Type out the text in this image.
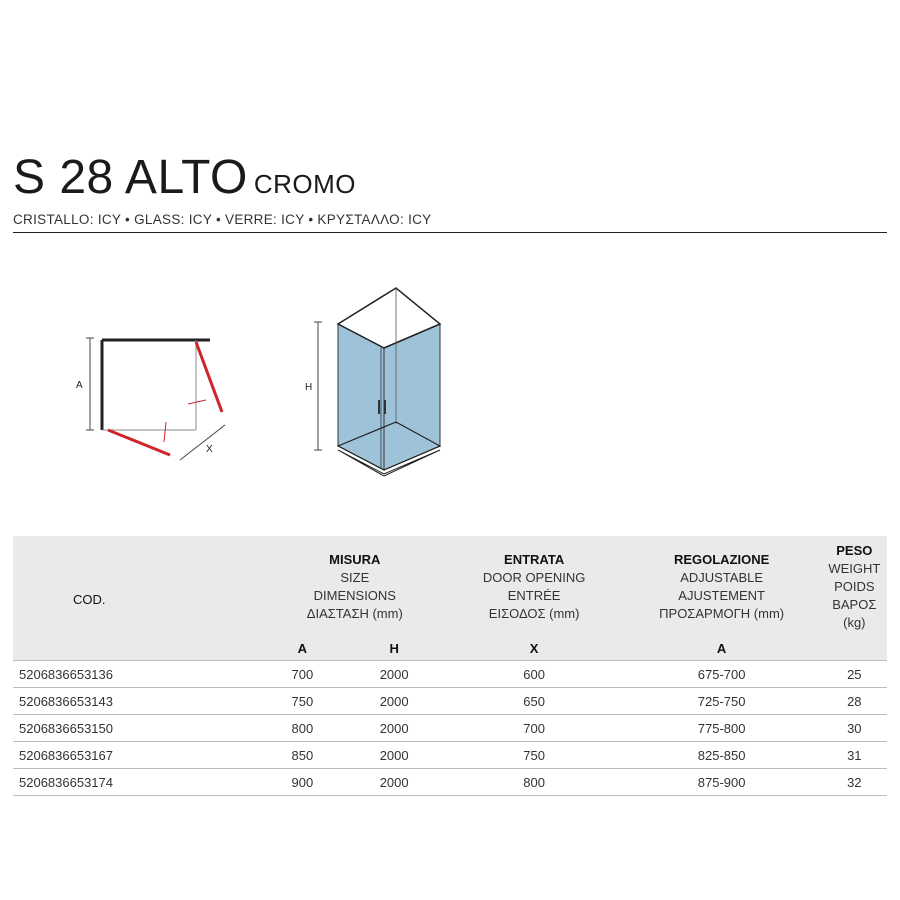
S 28 ALTO CROMO
CRISTALLO: ICY • GLASS: ICY • VERRE: ICY • ΚΡΥΣΤΑΛΛΟ: ICY
A
X
H
COD.	MISURA
SIZE
DIMENSIONS
ΔΙΑΣΤΑΣΗ (mm)		ENTRATA
DOOR OPENING
ENTRÉE
ΕΙΣΟΔΟΣ (mm)	REGOLAZIONE
ADJUSTABLE
AJUSTEMENT
ΠΡΟΣΑΡΜΟΓΗ (mm)	PESO
WEIGHT
POIDS
ΒΑΡΟΣ (kg)

	A	H	X	A	
5206836653136	700	2000	600	675-700	25
5206836653143	750	2000	650	725-750	28
5206836653150	800	2000	700	775-800	30
5206836653167	850	2000	750	825-850	31
5206836653174	900	2000	800	875-900	32
